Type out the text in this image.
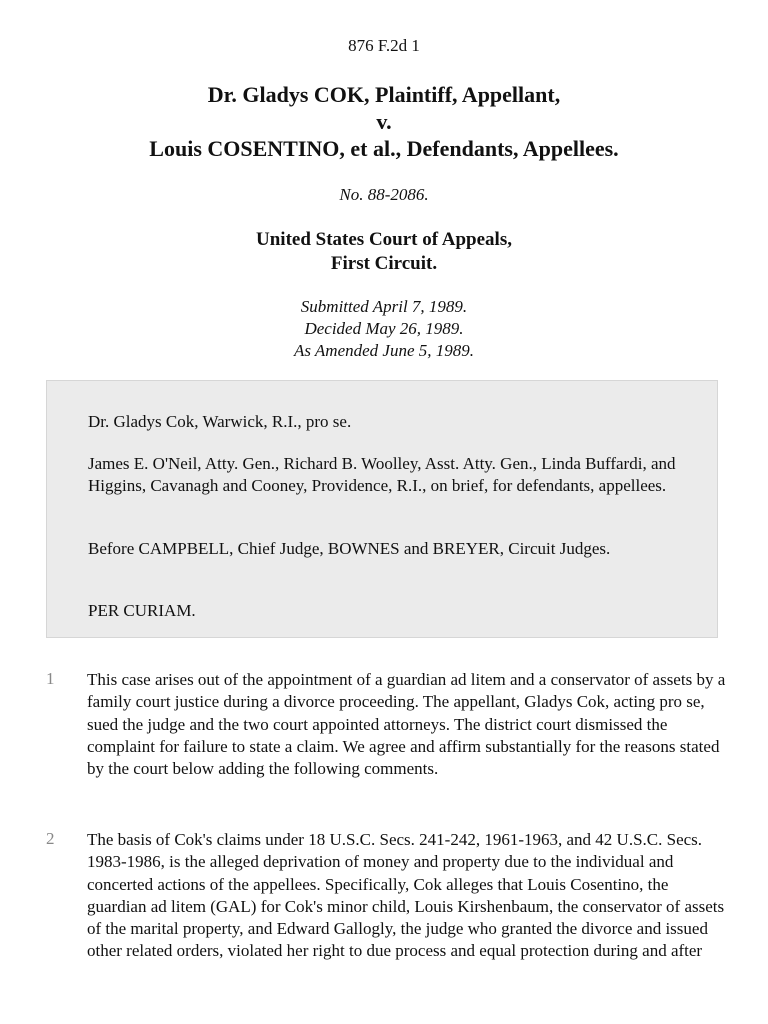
876 F.2d 1
Dr. Gladys COK, Plaintiff, Appellant,
v.
Louis COSENTINO, et al., Defendants, Appellees.
No. 88-2086.
United States Court of Appeals,
First Circuit.
Submitted April 7, 1989.
Decided May 26, 1989.
As Amended June 5, 1989.

Dr. Gladys Cok, Warwick, R.I., pro se.

James E. O'Neil, Atty. Gen., Richard B. Woolley, Asst. Atty. Gen., Linda Buffardi, and Higgins, Cavanagh and Cooney, Providence, R.I., on brief, for defendants, appellees.

Before CAMPBELL, Chief Judge, BOWNES and BREYER, Circuit Judges.

PER CURIAM.

1 This case arises out of the appointment of a guardian ad litem and a conservator of assets by a family court justice during a divorce proceeding. The appellant, Gladys Cok, acting pro se, sued the judge and the two court appointed attorneys. The district court dismissed the complaint for failure to state a claim. We agree and affirm substantially for the reasons stated by the court below adding the following comments.

2 The basis of Cok's claims under 18 U.S.C. Secs. 241-242, 1961-1963, and 42 U.S.C. Secs. 1983-1986, is the alleged deprivation of money and property due to the individual and concerted actions of the appellees. Specifically, Cok alleges that Louis Cosentino, the guardian ad litem (GAL) for Cok's minor child, Louis Kirshenbaum, the conservator of assets of the marital property, and Edward Gallogly, the judge who granted the divorce and issued other related orders, violated her right to due process and equal protection during and after
